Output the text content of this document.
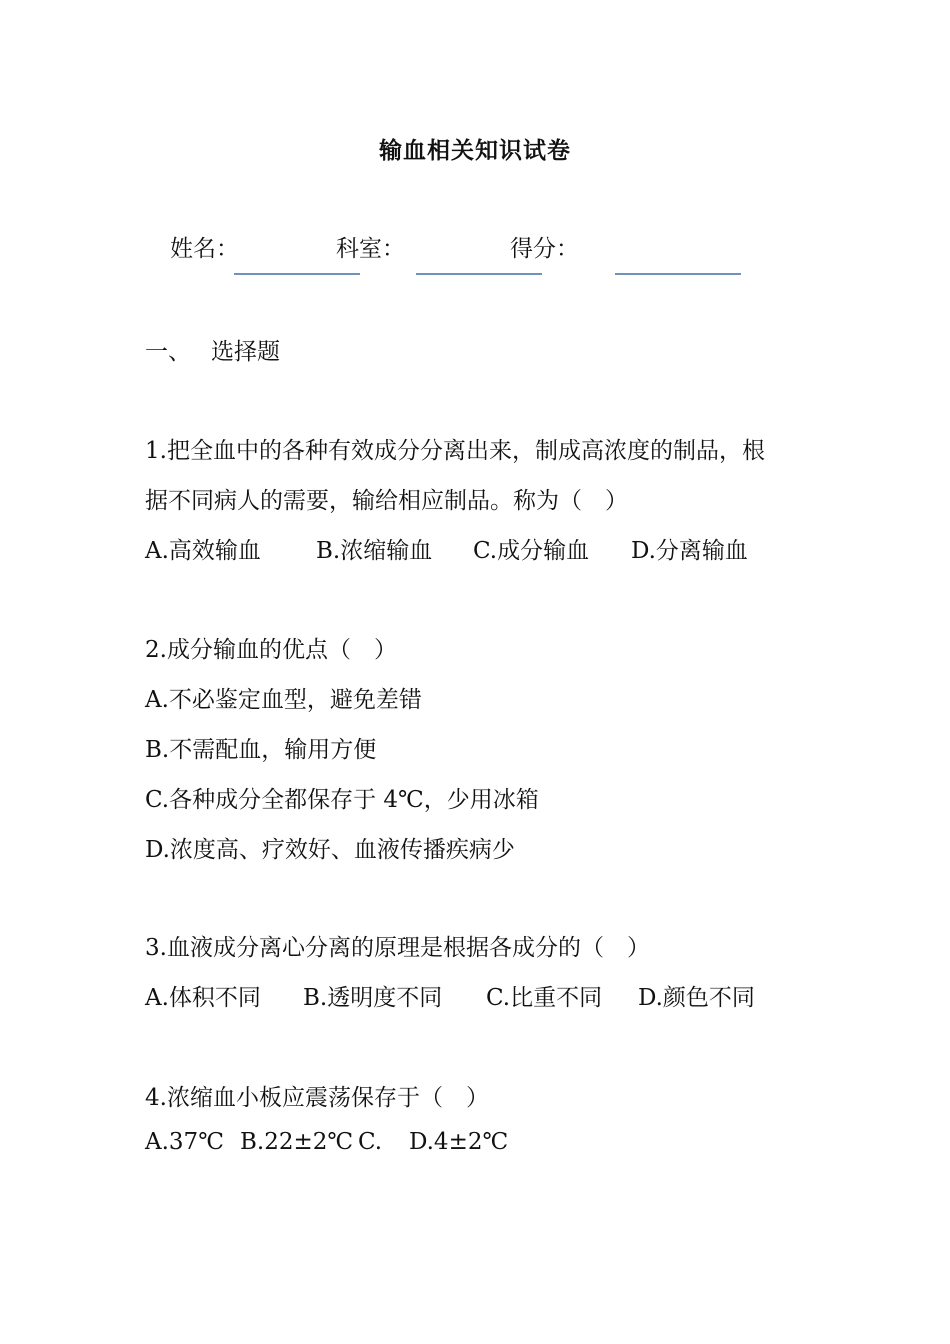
输血相关知识试卷
姓名：	科室：	得分：
一、 选择题
1.把全血中的各种有效成分分离出来，制成高浓度的制品，根
据不同病人的需要，输给相应制品。称为（　）
A.高效输血 B.浓缩输血 C.成分输血 D.分离输血
2.成分输血的优点（　）
A.不必鉴定血型，避免差错
B.不需配血，输用方便
C.各种成分全都保存于 4℃，少用冰箱
D.浓度高、疗效好、血液传播疾病少
3.血液成分离心分离的原理是根据各成分的（　）
A.体积不同 B.透明度不同 C.比重不同 D.颜色不同
4.浓缩血小板应震荡保存于（　）
A.37℃ B.22±2℃ C. D.4±2℃
